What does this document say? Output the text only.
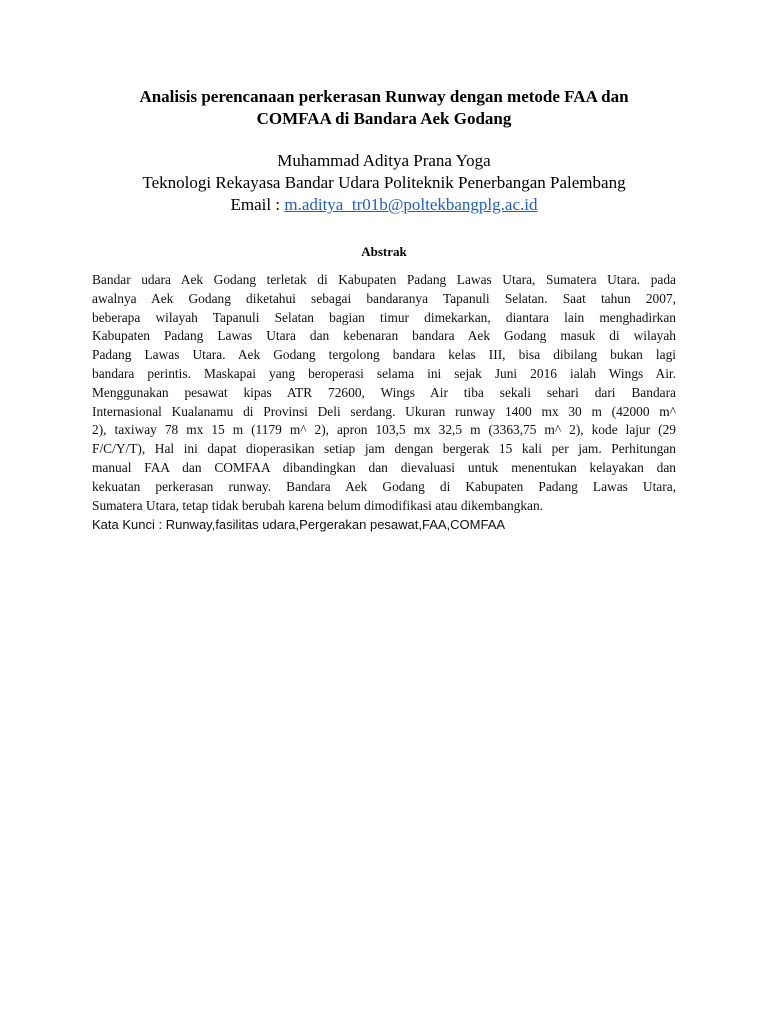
Analisis perencanaan perkerasan Runway dengan metode FAA dan
COMFAA di Bandara Aek Godang
Muhammad Aditya Prana Yoga
Teknologi Rekayasa Bandar Udara Politeknik Penerbangan Palembang
Email : m.aditya_tr01b@poltekbangplg.ac.id
Abstrak
Bandar udara Aek Godang terletak di Kabupaten Padang Lawas Utara, Sumatera Utara. pada
awalnya Aek Godang diketahui sebagai bandaranya Tapanuli Selatan. Saat tahun 2007,
beberapa wilayah Tapanuli Selatan bagian timur dimekarkan, diantara lain menghadirkan
Kabupaten Padang Lawas Utara dan kebenaran bandara Aek Godang masuk di wilayah
Padang Lawas Utara. Aek Godang tergolong bandara kelas III, bisa dibilang bukan lagi
bandara perintis. Maskapai yang beroperasi selama ini sejak Juni 2016 ialah Wings Air.
Menggunakan pesawat kipas ATR 72600, Wings Air tiba sekali sehari dari Bandara
Internasional Kualanamu di Provinsi Deli serdang. Ukuran runway 1400 mx 30 m (42000 m^
2), taxiway 78 mx 15 m (1179 m^ 2), apron 103,5 mx 32,5 m (3363,75 m^ 2), kode lajur (29
F/C/Y/T), Hal ini dapat dioperasikan setiap jam dengan bergerak 15 kali per jam. Perhitungan
manual FAA dan COMFAA dibandingkan dan dievaluasi untuk menentukan kelayakan dan
kekuatan perkerasan runway. Bandara Aek Godang di Kabupaten Padang Lawas Utara,
Sumatera Utara, tetap tidak berubah karena belum dimodifikasi atau dikembangkan.
Kata Kunci : Runway,fasilitas udara,Pergerakan pesawat,FAA,COMFAA
